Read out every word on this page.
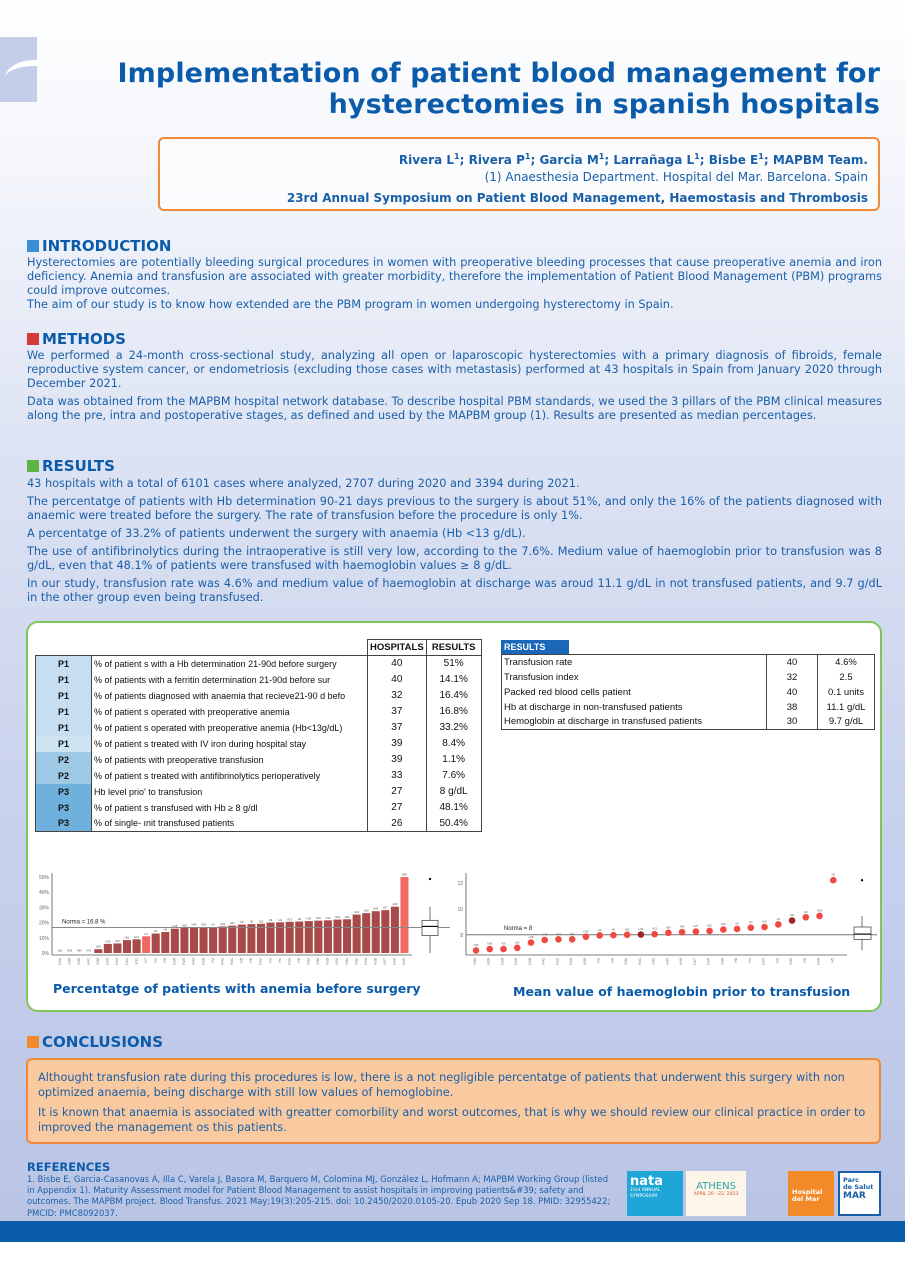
Implementation of patient blood management for
hysterectomies in spanish hospitals
Rivera $L^1$; Rivera $P^1$; Garcia $M^1$; Larrañaga $L^1$; Bisbe $E^1$; MAPBM Team.
(1) Anaesthesia Department. Hospital del Mar. Barcelona. Spain
23rd Annual Symposium on Patient Blood Management, Haemostasis and Thrombosis
INTRODUCTION

Hysterectomies are potentially bleeding surgical procedures in women with preoperative bleeding processes that cause preoperative anemia and iron deficiency. Anemia and transfusion are associated with greater morbidity, therefore the implementation of Patient Blood Management (PBM) programs could improve outcomes.

The aim of our study is to know how extended are the PBM program in women undergoing hysterectomy in Spain.

METHODS

We performed a 24-month cross-sectional study, analyzing all open or laparoscopic hysterectomies with a primary diagnosis of fibroids, female reproductive system cancer, or endometriosis (excluding those cases with metastasis) performed at 43 hospitals in Spain from January 2020 through December 2021.

Data was obtained from the MAPBM hospital network database. To describe hospital PBM standards, we used the 3 pillars of the PBM clinical measures along the pre, intra and postoperative stages, as defined and used by the MAPBM group (1). Results are presented as median percentages.

RESULTS

43 hospitals with a total of 6101 cases where analyzed, 2707 during 2020 and 3394 during 2021.

The percentatge of patients with Hb determination 90-21 days previous to the surgery is about 51%, and only the 16% of the patients diagnosed with anaemic were treated before the surgery. The rate of transfusion before the procedure is only 1%.

A percentatge of 33.2% of patients underwent the surgery with anaemia (Hb <13 g/dL).

The use of antifibrinolytics during the intraoperative is still very low, according to the 7.6%. Medium value of haemoglobin prior to transfusion was 8 g/dL, even that 48.1% of patients were transfused with haemoglobin values ≥ 8 g/dL.

In our study, transfusion rate was 4.6% and medium value of haemoglobin at discharge was aroud 11.1 g/dL in not transfused patients, and 9.7 g/dL in the other group even being transfused.

		HOSPITALS	RESULTS
P1	% of patient s with a Hb determination 21-90d before surgery	40	51%
P1	% of patients with a ferritin determination 21-90d before sur	40	14.1%
P1	% of patients diagnosed with anaemia that recieve21-90 d befo	32	16.4%
P1	% of patient s operated with preoperative anemia	37	16.8%
P1	% of patient s operated with preoperative anemia (Hb<13g/dL)	37	33.2%
P1	% of patient s treated with IV iron during hospital stay	39	8.4%
P2	% of patients with preoperative transfusion	39	1.1%
P2	% of patient s treated with antifibrinolytics perioperatively	33	7.6%
P3	Hb level prio' to transfusion	27	8 g/dL
P3	% of patient s transfused with Hb ≥ 8 g/dl	27	48.1%
P3	% of single- ınit transfused patients	26	50.4%
RESULTS
Transfusion rate	40	4.6%
Transfusion index	32	2.5
Packed red blood cells patient	40	0.1 units
Hb at discharge in non-transfused patients	38	11.1 g/dL
Hemoglobin at discharge in transfused patients	30	9.7 g/dL
0%
10%
20%
30%
40%
50%
H22
H22
H36
H36
H35
H35
H41
H41
H30
H30
H29
H29
H14
H14
H21
H21
H11
H11
H7
H7
H1
H1
H9
H9
H15
H15
H25
H25
H43
H43
H18
H18
H2
H2
H42
H42
H31
H31
H5
H5
H6
H6
H12
H12
H3
H3
H4
H4
H13
H13
H8
H8
H33
H33
H39
H39
H19
H19
H24
H24
H34
H34
H32
H32
H10
H10
H28
H28
H27
H27
H20
H20
H40
H40
Norma = 16.8 %
Percentatge of patients with anemia before surgery
8
10
12
Norma = 8
H30
H30
H28
H28
H25
H25
H10
H10
H18
H18
H42
H42
H12
H12
H20
H20
H39
H39
H3
H3
H6
H6
H32
H32
H41
H41
H33
H33
H34
H34
H40
H40
H27
H27
H15
H15
H36
H36
H8
H8
H4
H4
H24
H24
H2
H2
H31
H31
H9
H9
H29
H29
H5
H5
Mean value of haemoglobin prior to transfusion
CONCLUSIONS

Althought transfusion rate during this procedures is low, there is a not negligible percentatge of patients that underwent this surgery with non optimized anaemia, being discharge with still low values of hemoglobine.

It is known that anaemia is associated with greatter comorbility and worst outcomes, that is why we should review our clinical practice in order to improved the management os this patients.

REFERENCES
1. Bisbe E, Garcia-Casanovas A, Illa C, Varela J, Basora M, Barquero M, Colomina MJ, González L, Hofmann A; MAPBM Working Group (listed in Appendix 1). Maturity Assessment model for Patient Blood Management to assist hospitals in improving patients&#39; safety and outcomes. The MAPBM project. Blood Transfus. 2021 May;19(3):205-215. doi: 10.2450/2020.0105-20. Epub 2020 Sep 18. PMID: 32955422; PMCID: PMC8092037.
nata
23rd ANNUAL SYMPOSIUM
ATHENS
APRIL 20 - 22, 2023	Hospital
del Mar
Parc
de Salut
MAR
